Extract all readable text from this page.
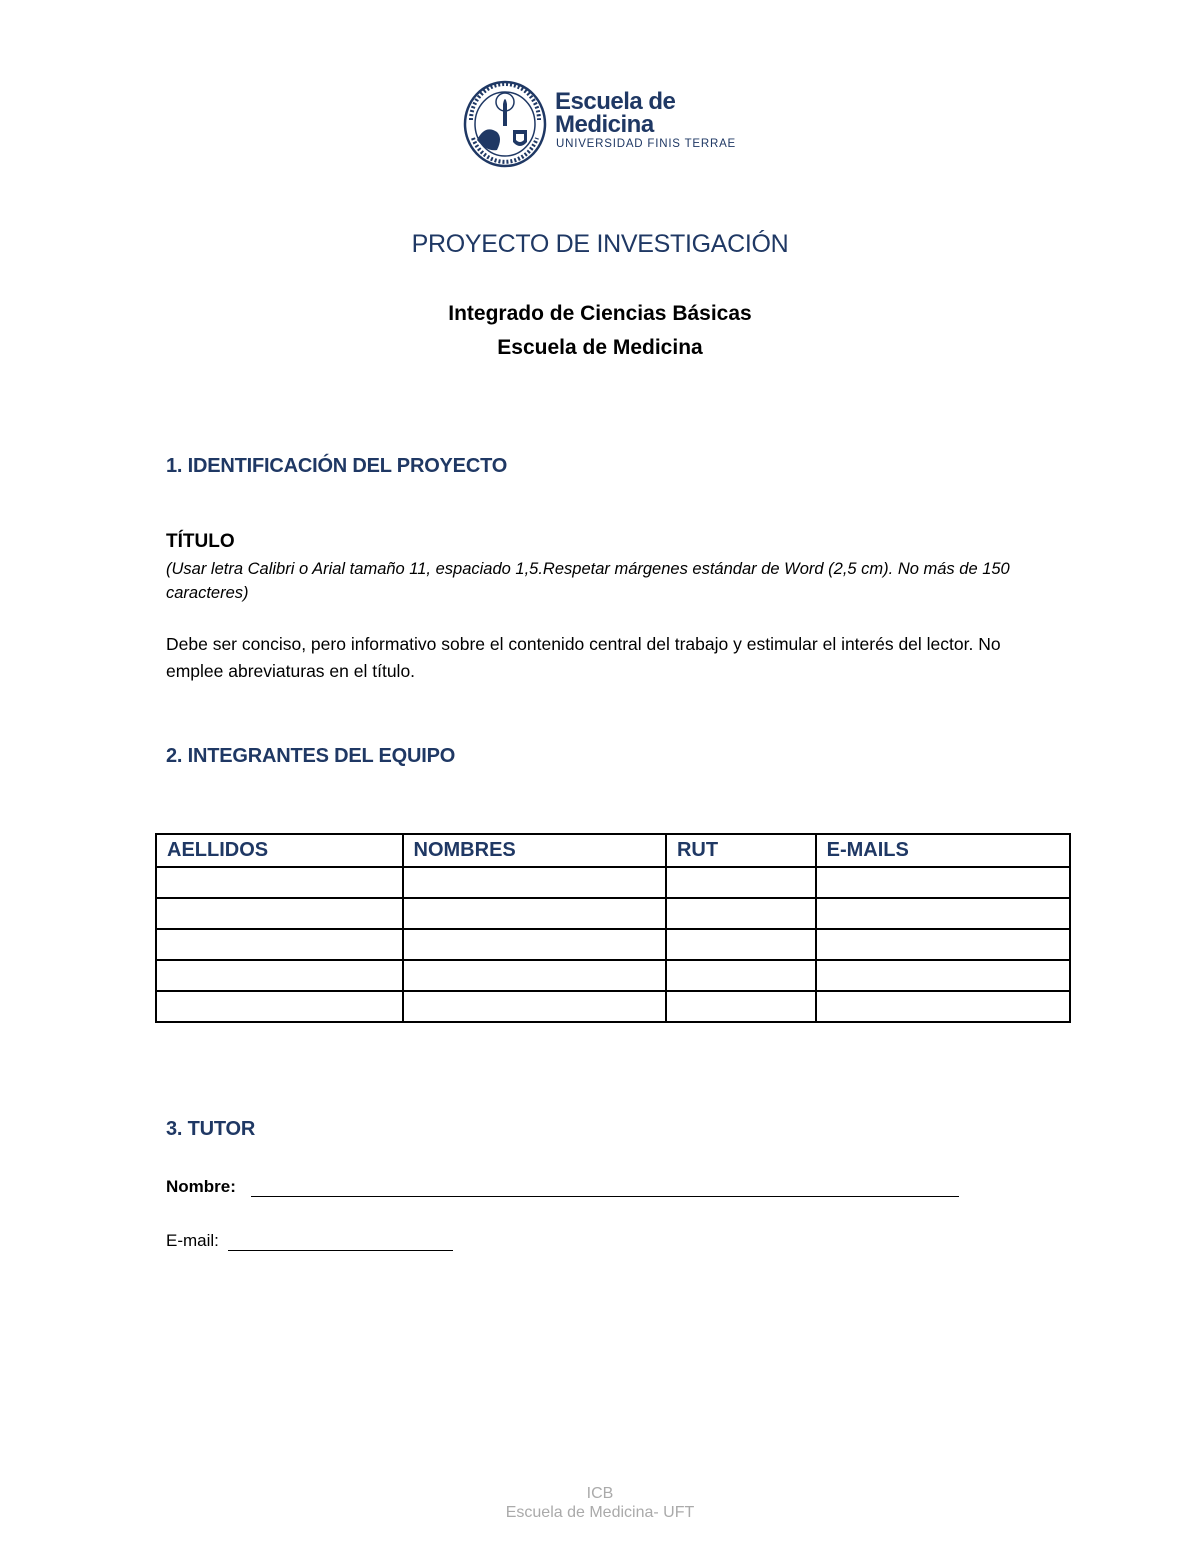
Escuela de
Medicina
UNIVERSIDAD FINIS TERRAE
PROYECTO DE INVESTIGACIÓN
Integrado de Ciencias Básicas
Escuela de Medicina
1. IDENTIFICACIÓN DEL PROYECTO
TÍTULO
(Usar letra Calibri o Arial tamaño 11, espaciado 1,5.Respetar márgenes estándar de Word (2,5 cm). No más de 150 caracteres)
Debe ser conciso, pero informativo sobre el contenido central del trabajo y estimular el interés del lector. No emplee abreviaturas en el título.
2. INTEGRANTES DEL EQUIPO
AELLIDOS	NOMBRES	RUT	E-MAILS

3. TUTOR
Nombre:
E-mail:
ICB
Escuela de Medicina- UFT
